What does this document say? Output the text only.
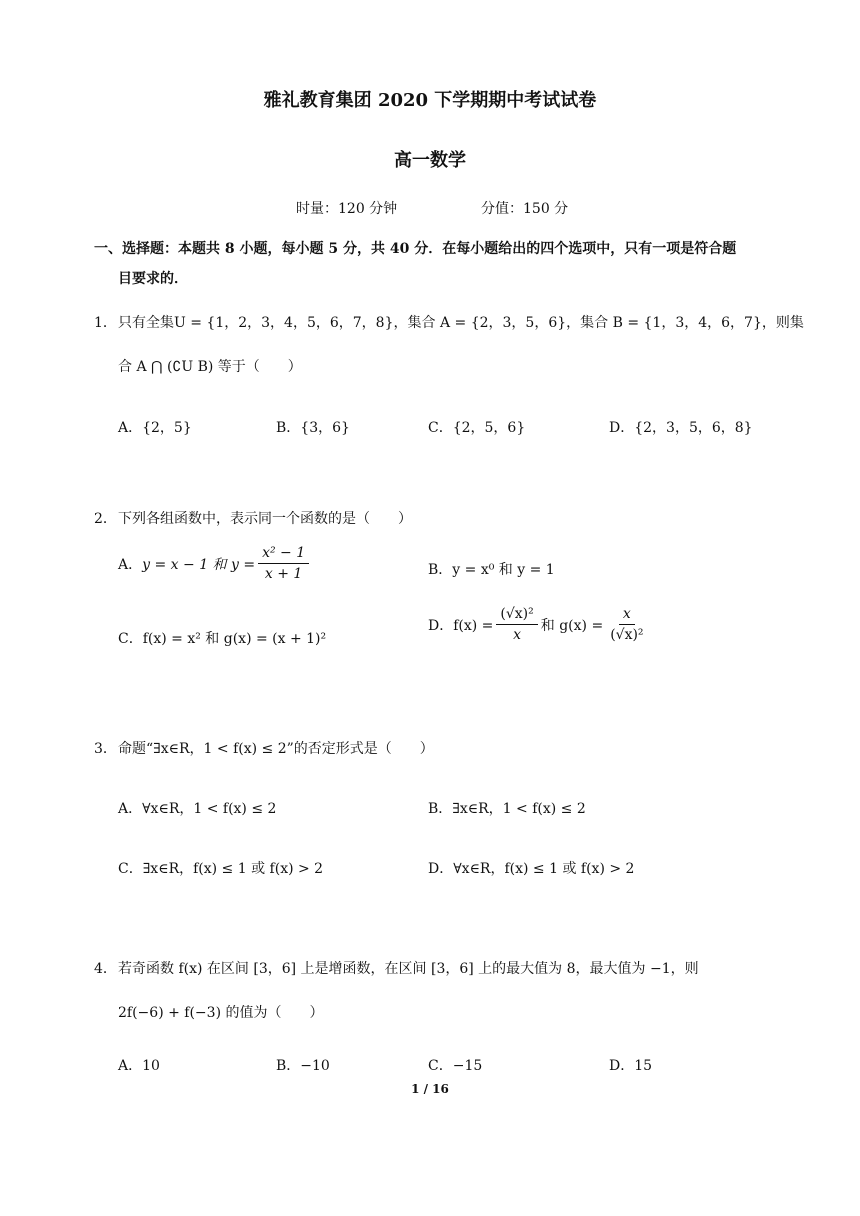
雅礼教育集团 2020 下学期期中考试试卷
高一数学
时量：120 分钟	分值：150 分
一、选择题：本题共 8 小题，每小题 5 分，共 40 分．在每小题给出的四个选项中，只有一项是符合题
目要求的．
1． 只有全集U = {1，2，3，4，5，6，7，8}，集合 A = {2，3，5，6}，集合 B = {1，3，4，6，7}，则集
合 A ⋂ (∁U B) 等于（　　）
A．{2，5}	B．{3，6}	C．{2，5，6}	D．{2，3，5，6，8}
2． 下列各组函数中，表示同一个函数的是（　　）
A． y = x − 1 和 $y = \frac{\text{x² − 1}}{x + 1}$	B．y = x⁰ 和 y = 1
C．f(x) = x² 和 g(x) = (x + 1)²
D．$f(x) = \frac{\text{(√x)²}}{x}$ 和 $g(x) = \frac{x}{\text{(√x)²}}$
3． 命题“∃x∈R，1 < f(x) ≤ 2”的否定形式是（　　）
A．∀x∈R，1 < f(x) ≤ 2	B．∃x∈R，1 < f(x) ≤ 2
C．∃x∈R，f(x) ≤ 1 或 f(x) > 2	D．∀x∈R，f(x) ≤ 1 或 f(x) > 2
4． 若奇函数 f(x) 在区间 [3，6] 上是增函数，在区间 [3，6] 上的最大值为 8，最大值为 −1，则
2f(−6) + f(−3) 的值为（　　）
A．10	B．−10	C．−15	D．15
1 / 16
